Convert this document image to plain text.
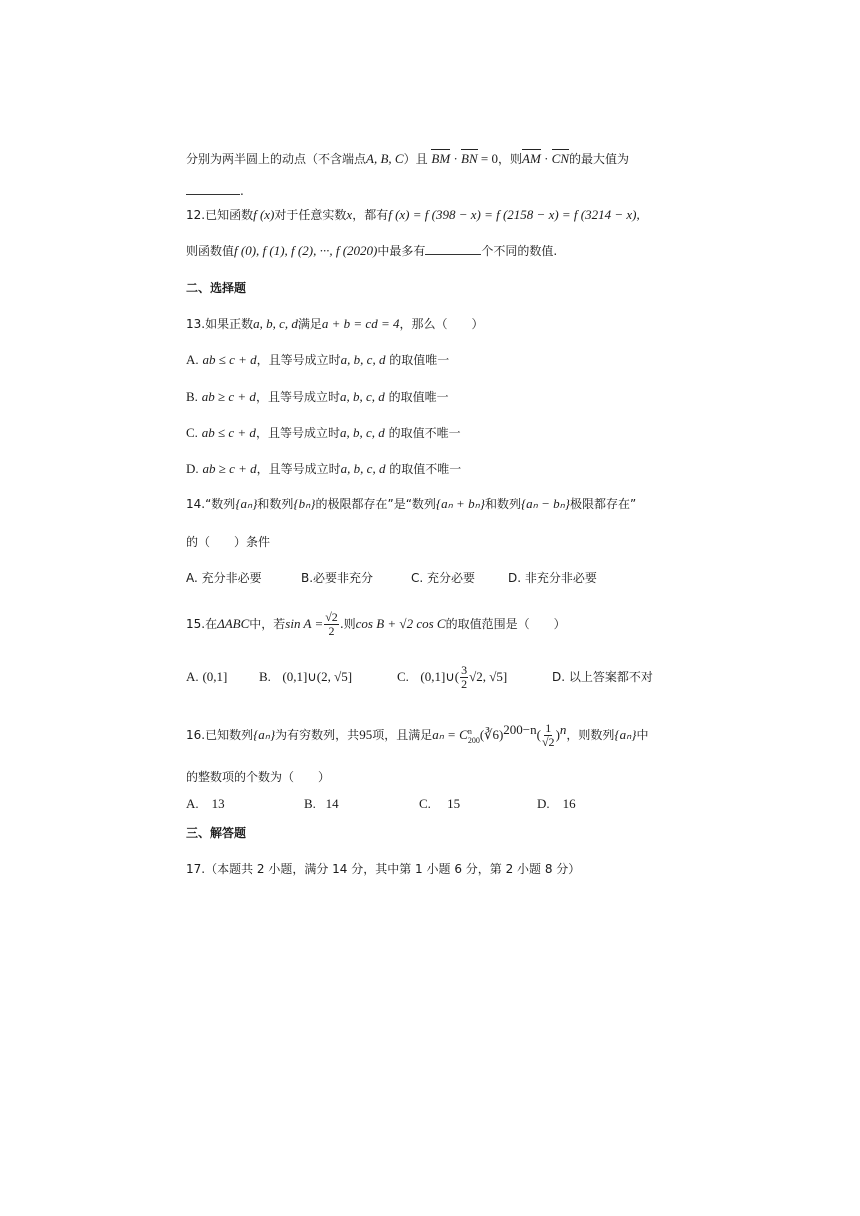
分别为两半圆上的动点（不含端点A, B, C）且 BM · BN = 0，则AM · CN的最大值为
.
12.已知函数f (x)对于任意实数x，都有f (x) = f (398 − x) = f (2158 − x) = f (3214 − x),
则函数值f (0), f (1), f (2), ···, f (2020)中最多有	个不同的数值.
二、选择题
13.如果正数a, b, c, d满足a + b = cd = 4，那么（　　）
A. ab ≤ c + d，且等号成立时a, b, c, d 的取值唯一
B. ab ≥ c + d，且等号成立时a, b, c, d 的取值唯一
C. ab ≤ c + d，且等号成立时a, b, c, d 的取值不唯一
D. ab ≥ c + d，且等号成立时a, b, c, d 的取值不唯一
14.“数列{aₙ}和数列{bₙ}的极限都存在”是“数列{aₙ + bₙ}和数列{aₙ − bₙ}极限都存在”
的（　　）条件
A. 充分非必要	B.必要非充分	C. 充分必要	D. 非充分非必要
15.在ΔABC中，若$\sin A = \frac{√2}{2}$ .则cos B + √2 cos C的取值范围是（　　）
A. (0,1] B. (0,1]∪(2, √5]	C. (0,1]∪( $\frac{3}{2} √2$, √5]	D. 以上答案都不对
16.已知数列{aₙ}为有穷数列，共95项，且满足aₙ = C n
200 (∛6)$^{200-n}$( $\frac{1}{√2} )^n$，则数列{aₙ}中
的整数项的个数为（　　）
A. 13	B. 14	C. 15	D. 16
三、解答题
17.（本题共 2 小题，满分 14 分，其中第 1 小题 6 分，第 2 小题 8 分）
